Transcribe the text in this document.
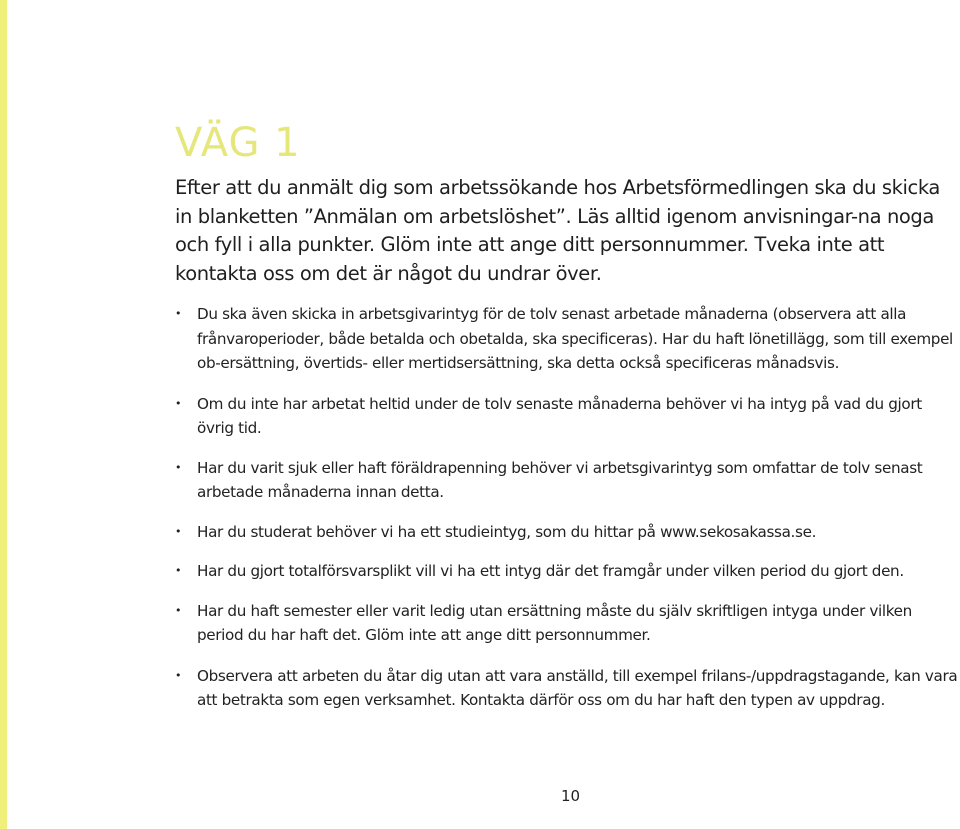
VÄG 1

Efter att du anmält dig som arbetssökande hos Arbetsförmedlingen ska du skicka in blanketten ”Anmälan om arbetslöshet”. Läs alltid igenom anvisningar-na noga och fyll i alla punkter. Glöm inte att ange ditt personnummer. Tveka inte att kontakta oss om det är något du undrar över.

• Du ska även skicka in arbetsgivarintyg för de tolv senast arbetade månaderna (observera att alla frånvaroperioder, både betalda och obetalda, ska specificeras). Har du haft lönetillägg, som till exempel ob-ersättning, övertids- eller mertidsersättning, ska detta också specificeras månadsvis.
• Om du inte har arbetat heltid under de tolv senaste månaderna behöver vi ha intyg på vad du gjort övrig tid.
• Har du varit sjuk eller haft föräldrapenning behöver vi arbetsgivarintyg som omfattar de tolv senast arbetade månaderna innan detta.
• Har du studerat behöver vi ha ett studieintyg, som du hittar på www.sekosakassa.se.
• Har du gjort totalförsvarsplikt vill vi ha ett intyg där det framgår under vilken period du gjort den.
• Har du haft semester eller varit ledig utan ersättning måste du själv skriftligen intyga under vilken period du har haft det. Glöm inte att ange ditt personnummer.
• Observera att arbeten du åtar dig utan att vara anställd, till exempel frilans-/uppdragstagande, kan vara att betrakta som egen verksamhet. Kontakta därför oss om du har haft den typen av uppdrag.
10
